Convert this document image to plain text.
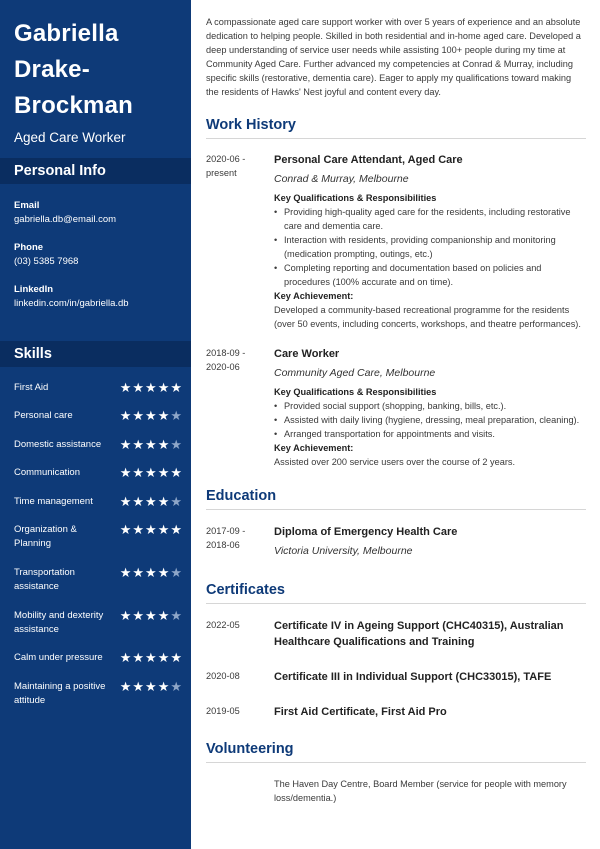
Gabriella
Drake-
Brockman
Aged Care Worker
Personal Info
Email
gabriella.db@email.com
Phone
(03) 5385 7968
LinkedIn
linkedin.com/in/gabriella.db
Skills
First Aid	★ ★ ★ ★ ★
Personal care	★ ★ ★ ★ ★
Domestic assistance	★ ★ ★ ★ ★
Communication	★ ★ ★ ★ ★
Time management	★ ★ ★ ★ ★
Organization & Planning
★ ★ ★ ★ ★
Transportation assistance
★ ★ ★ ★ ★
Mobility and dexterity assistance
★ ★ ★ ★ ★
Calm under pressure	★ ★ ★ ★ ★
Maintaining a positive attitude
★ ★ ★ ★ ★

A compassionate aged care support worker with over 5 years of experience and an absolute dedication to helping people. Skilled in both residential and in-home aged care. Developed a deep understanding of service user needs while assisting 100+ people during my time at Community Aged Care. Further advanced my competencies at Conrad & Murray, including specific skills (restorative, dementia care). Eager to apply my qualifications toward making the residents of Hawks' Nest joyful and content every day.

Work History
2020-06 - present
Personal Care Attendant, Aged Care
Conrad & Murray, Melbourne
Key Qualifications & Responsibilities
• Providing high-quality aged care for the residents, including restorative care and dementia care.
• Interaction with residents, providing companionship and monitoring (medication prompting, outings, etc.)
• Completing reporting and documentation based on policies and procedures (100% accurate and on time).
Key Achievement:
Developed a community-based recreational programme for the residents (over 50 events, including concerts, workshops, and theatre performances).
2018-09 - 2020-06
Care Worker
Community Aged Care, Melbourne
Key Qualifications & Responsibilities
• Provided social support (shopping, banking, bills, etc.).
• Assisted with daily living (hygiene, dressing, meal preparation, cleaning).
• Arranged transportation for appointments and visits.
Key Achievement:
Assisted over 200 service users over the course of 2 years.
Education
2017-09 - 2018-06
Diploma of Emergency Health Care
Victoria University, Melbourne
Certificates
2022-05	Certificate IV in Ageing Support (CHC40315), Australian Healthcare Qualifications and Training
2020-08	Certificate III in Individual Support (CHC33015), TAFE
2019-05	First Aid Certificate, First Aid Pro
Volunteering
The Haven Day Centre, Board Member (service for people with memory loss/dementia.)
